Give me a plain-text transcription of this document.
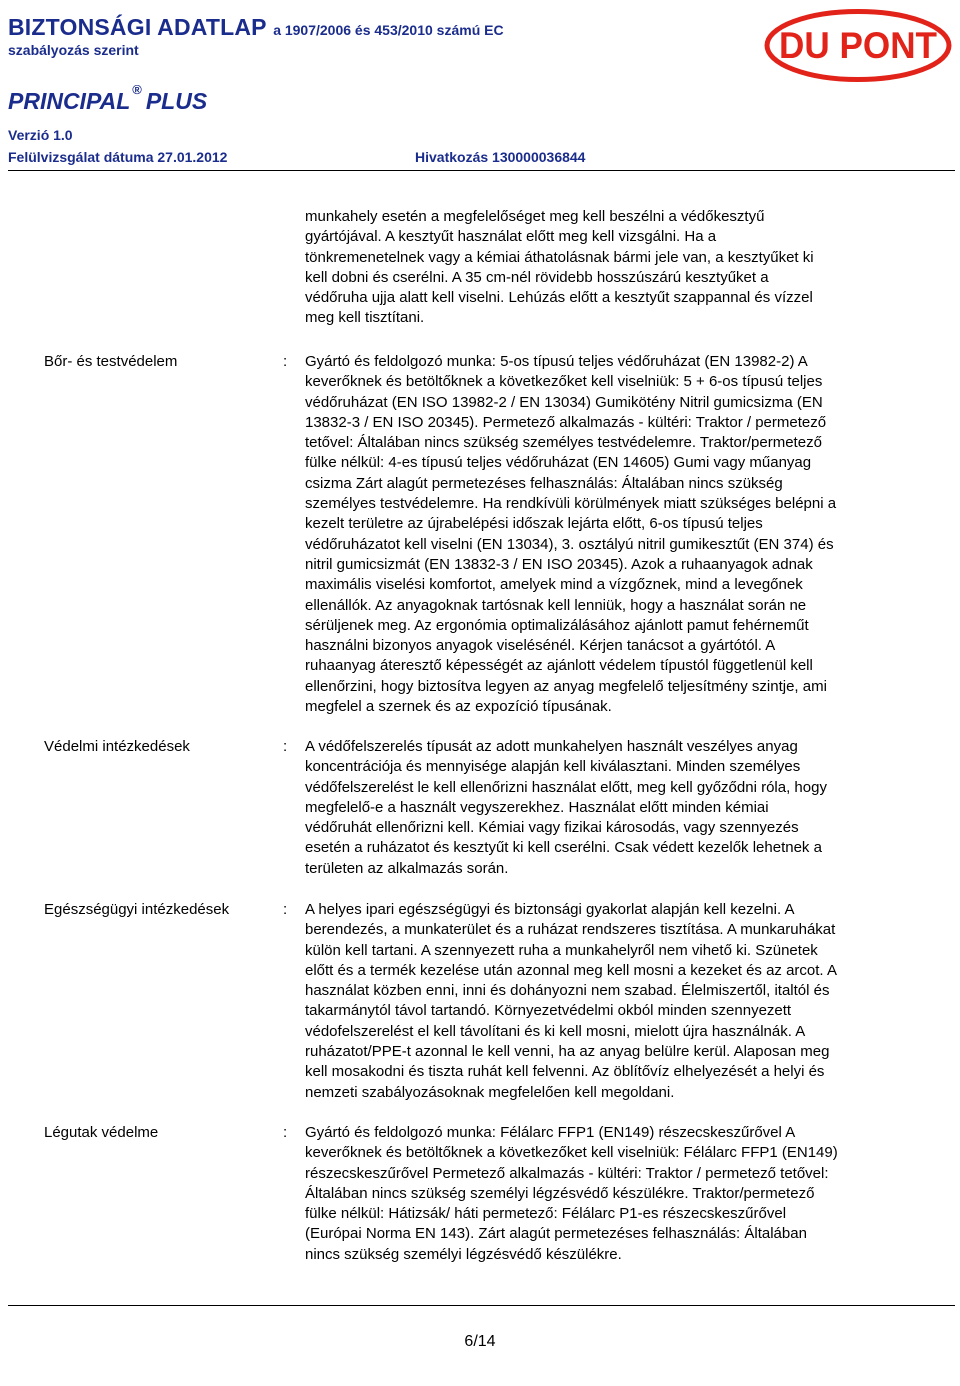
BIZTONSÁGI ADATLAP a 1907/2006 és 453/2010 számú EC
szabályozás szerint
PRINCIPAL ® PLUS
Verzió 1.0
Felülvizsgálat dátuma 27.01.2012	Hivatkozás 130000036844
DU PONT
munkahely esetén a megfelelőséget meg kell beszélni a védőkesztyű
gyártójával. A kesztyűt használat előtt meg kell vizsgálni. Ha a
tönkremenetelnek vagy a kémiai áthatolásnak bármi jele van, a kesztyűket ki
kell dobni és cserélni. A 35 cm-nél rövidebb hosszúszárú kesztyűket a
védőruha ujja alatt kell viselni. Lehúzás előtt a kesztyűt szappannal és vízzel
meg kell tisztítani.
Bőr- és testvédelem	: Gyártó és feldolgozó munka: 5-os típusú teljes védőruházat (EN 13982-2) A
keverőknek és betöltőknek a következőket kell viselniük: 5 + 6-os típusú teljes
védőruházat (EN ISO 13982-2 / EN 13034) Gumikötény Nitril gumicsizma (EN
13832-3 / EN ISO 20345). Permetező alkalmazás - kültéri: Traktor / permetező
tetővel: Általában nincs szükség személyes testvédelemre. Traktor/permetező
fülke nélkül: 4-es típusú teljes védőruházat (EN 14605) Gumi vagy műanyag
csizma Zárt alagút permetezéses felhasználás: Általában nincs szükség
személyes testvédelemre. Ha rendkívüli körülmények miatt szükséges belépni a
kezelt területre az újrabelépési időszak lejárta előtt, 6-os típusú teljes
védőruházatot kell viselni (EN 13034), 3. osztályú nitril gumikesztűt (EN 374) és
nitril gumicsizmát (EN 13832-3 / EN ISO 20345). Azok a ruhaanyagok adnak
maximális viselési komfortot, amelyek mind a vízgőznek, mind a levegőnek
ellenállók. Az anyagoknak tartósnak kell lenniük, hogy a használat során ne
sérüljenek meg. Az ergonómia optimalizálásához ajánlott pamut fehérneműt
használni bizonyos anyagok viselésénél. Kérjen tanácsot a gyártótól. A
ruhaanyag áteresztő képességét az ajánlott védelem típustól függetlenül kell
ellenőrzini, hogy biztosítva legyen az anyag megfelelő teljesítmény szintje, ami
megfelel a szernek és az expozíció típusának.
Védelmi intézkedések	: A védőfelszerelés típusát az adott munkahelyen használt veszélyes anyag
koncentrációja és mennyisége alapján kell kiválasztani. Minden személyes
védőfelszerelést le kell ellenőrizni használat előtt, meg kell győződni róla, hogy
megfelelő-e a használt vegyszerekhez. Használat előtt minden kémiai
védőruhát ellenőrizni kell. Kémiai vagy fizikai károsodás, vagy szennyezés
esetén a ruházatot és kesztyűt ki kell cserélni. Csak védett kezelők lehetnek a
területen az alkalmazás során.
Egészségügyi intézkedések	: A helyes ipari egészségügyi és biztonsági gyakorlat alapján kell kezelni. A
berendezés, a munkaterület és a ruházat rendszeres tisztítása. A munkaruhákat
külön kell tartani. A szennyezett ruha a munkahelyről nem vihető ki. Szünetek
előtt és a termék kezelése után azonnal meg kell mosni a kezeket és az arcot. A
használat közben enni, inni és dohányozni nem szabad. Élelmiszertől, italtól és
takarmánytól távol tartandó. Környezetvédelmi okból minden szennyezett
védofelszerelést el kell távolítani és ki kell mosni, mielott újra használnák. A
ruházatot/PPE-t azonnal le kell venni, ha az anyag belülre kerül. Alaposan meg
kell mosakodni és tiszta ruhát kell felvenni. Az öblítővíz elhelyezését a helyi és
nemzeti szabályozásoknak megfelelően kell megoldani.
Légutak védelme	: Gyártó és feldolgozó munka: Félálarc FFP1 (EN149) részecskeszűrővel A
keverőknek és betöltőknek a következőket kell viselniük: Félálarc FFP1 (EN149)
részecskeszűrővel Permetező alkalmazás - kültéri: Traktor / permetező tetővel:
Általában nincs szükség személyi légzésvédő készülékre. Traktor/permetező
fülke nélkül: Hátizsák/ háti permetező: Félálarc P1-es részecskeszűrővel
(Európai Norma EN 143). Zárt alagút permetezéses felhasználás: Általában
nincs szükség személyi légzésvédő készülékre.
6/14
